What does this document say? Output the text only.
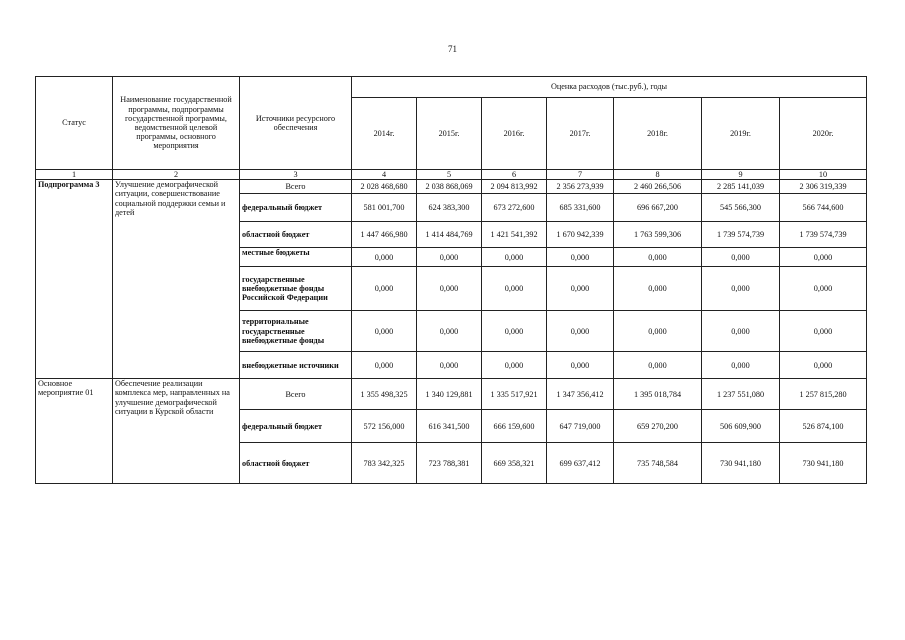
71
Статус	Наименование государственной программы, подпрограммы государственной программы, ведомственной целевой программы, основного мероприятия	Источники ресурсного обеспечения	Оценка расходов (тыс.руб.), годы						
			2014г.	2015г.	2016г.	2017г.	2018г.	2019г.	2020г.
1	2	3	4	5	6	7	8	9	10
Подпрограмма 3	Улучшение демографической ситуации, совершенствование социальной поддержки семьи и детей	Всего	2 028 468,680	2 038 868,069	2 094 813,992	2 356 273,939	2 460 266,506	2 285 141,039	2 306 319,339
		федеральный бюджет	581 001,700	624 383,300	673 272,600	685 331,600	696 667,200	545 566,300	566 744,600
		областной бюджет	1 447 466,980	1 414 484,769	1 421 541,392	1 670 942,339	1 763 599,306	1 739 574,739	1 739 574,739
		местные бюджеты	0,000	0,000	0,000	0,000	0,000	0,000	0,000
		государственные внебюджетные фонды Российской Федерации	0,000	0,000	0,000	0,000	0,000	0,000	0,000
		территориальные государственные внебюджетные фонды	0,000	0,000	0,000	0,000	0,000	0,000	0,000
		внебюджетные источники	0,000	0,000	0,000	0,000	0,000	0,000	0,000
Основное мероприятие 01	Обеспечение реализации комплекса мер, направленных на улучшение демографической ситуации в Курской области	Всего	1 355 498,325	1 340 129,881	1 335 517,921	1 347 356,412	1 395 018,784	1 237 551,080	1 257 815,280
		федеральный бюджет	572 156,000	616 341,500	666 159,600	647 719,000	659 270,200	506 609,900	526 874,100
		областной бюджет	783 342,325	723 788,381	669 358,321	699 637,412	735 748,584	730 941,180	730 941,180
